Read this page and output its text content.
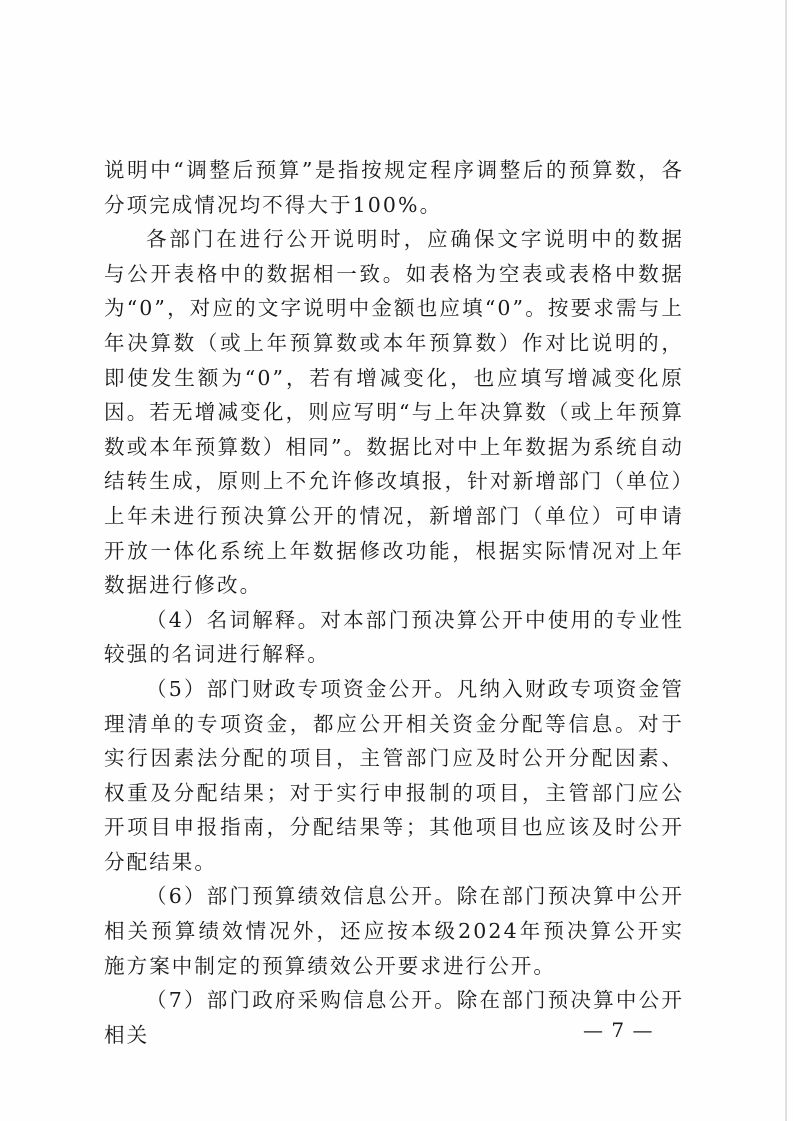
说明中“调整后预算”是指按规定程序调整后的预算数，各分项完成情况均不得大于100%。

各部门在进行公开说明时，应确保文字说明中的数据与公开表格中的数据相一致。如表格为空表或表格中数据为“0”，对应的文字说明中金额也应填“0”。按要求需与上年决算数（或上年预算数或本年预算数）作对比说明的，即使发生额为“0”，若有增减变化，也应填写增减变化原因。若无增减变化，则应写明“与上年决算数（或上年预算数或本年预算数）相同”。数据比对中上年数据为系统自动结转生成，原则上不允许修改填报，针对新增部门（单位）上年未进行预决算公开的情况，新增部门（单位）可申请开放一体化系统上年数据修改功能，根据实际情况对上年数据进行修改。

（4）名词解释。对本部门预决算公开中使用的专业性较强的名词进行解释。

（5）部门财政专项资金公开。凡纳入财政专项资金管理清单的专项资金，都应公开相关资金分配等信息。对于实行因素法分配的项目，主管部门应及时公开分配因素、权重及分配结果；对于实行申报制的项目，主管部门应公开项目申报指南，分配结果等；其他项目也应该及时公开分配结果。

（6）部门预算绩效信息公开。除在部门预决算中公开相关预算绩效情况外，还应按本级2024年预决算公开实施方案中制定的预算绩效公开要求进行公开。

（7）部门政府采购信息公开。除在部门预决算中公开相关	— 7 —
